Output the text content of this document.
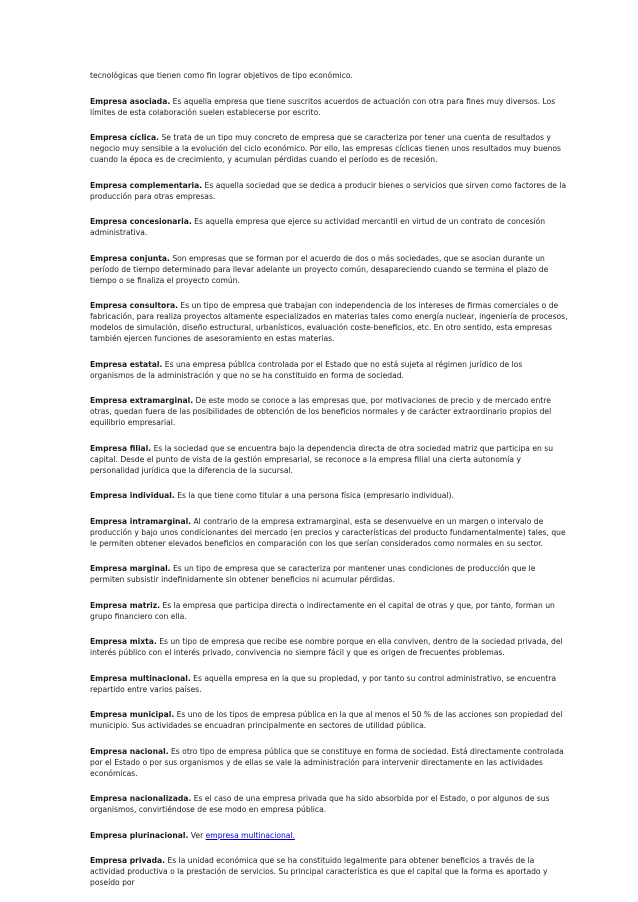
tecnológicas que tienen como fin lograr objetivos de tipo económico.

Empresa asociada. Es aquella empresa que tiene suscritos acuerdos de actuación con otra para fines muy diversos. Los límites de esta colaboración suelen establecerse por escrito.

Empresa cíclica. Se trata de un tipo muy concreto de empresa que se caracteriza por tener una cuenta de resultados y negocio muy sensible a la evolución del ciclo económico. Por ello, las empresas cíclicas tienen unos resultados muy buenos cuando la época es de crecimiento, y acumulan pérdidas cuando el período es de recesión.

Empresa complementaria. Es aquella sociedad que se dedica a producir bienes o servicios que sirven como factores de la producción para otras empresas.

Empresa concesionaria. Es aquella empresa que ejerce su actividad mercantil en virtud de un contrato de concesión administrativa.

Empresa conjunta. Son empresas que se forman por el acuerdo de dos o más sociedades, que se asocian durante un período de tiempo determinado para llevar adelante un proyecto común, desapareciendo cuando se termina el plazo de tiempo o se finaliza el proyecto común.

Empresa consultora. Es un tipo de empresa que trabajan con independencia de los intereses de firmas comerciales o de fabricación, para realiza proyectos altamente especializados en materias tales como energía nuclear, ingeniería de procesos, modelos de simulación, diseño estructural, urbanísticos, evaluación coste-beneficios, etc. En otro sentido, esta empresas también ejercen funciones de asesoramiento en estas materias.

Empresa estatal. Es una empresa pública controlada por el Estado que no está sujeta al régimen jurídico de los organismos de la administración y que no se ha constituido en forma de sociedad.

Empresa extramarginal. De este modo se conoce a las empresas que, por motivaciones de precio y de mercado entre otras, quedan fuera de las posibilidades de obtención de los beneficios normales y de carácter extraordinario propios del equilibrio empresarial.

Empresa filial. Es la sociedad que se encuentra bajo la dependencia directa de otra sociedad matriz que participa en su capital. Desde el punto de vista de la gestión empresarial, se reconoce a la empresa filial una cierta autonomía y personalidad jurídica que la diferencia de la sucursal.

Empresa individual. Es la que tiene como titular a una persona física (empresario individual).

Empresa intramarginal. Al contrario de la empresa extramarginal, esta se desenvuelve en un margen o intervalo de producción y bajo unos condicionantes del mercado (en precios y características del producto fundamentalmente) tales, que le permiten obtener elevados beneficios en comparación con los que serían considerados como normales en su sector.

Empresa marginal. Es un tipo de empresa que se caracteriza por mantener unas condiciones de producción que le permiten subsistir indefinidamente sin obtener beneficios ni acumular pérdidas.

Empresa matriz. Es la empresa que participa directa o indirectamente en el capital de otras y que, por tanto, forman un grupo financiero con ella.

Empresa mixta. Es un tipo de empresa que recibe ese nombre porque en ella conviven, dentro de la sociedad privada, del interés público con el interés privado, convivencia no siempre fácil y que es origen de frecuentes problemas.

Empresa multinacional. Es aquella empresa en la que su propiedad, y por tanto su control administrativo, se encuentra repartido entre varios países.

Empresa municipal. Es uno de los tipos de empresa pública en la que al menos el 50 % de las acciones son propiedad del municipio. Sus actividades se encuadran principalmente en sectores de utilidad pública.

Empresa nacional. Es otro tipo de empresa pública que se constituye en forma de sociedad. Está directamente controlada por el Estado o por sus organismos y de ellas se vale la administración para intervenir directamente en las actividades económicas.

Empresa nacionalizada. Es el caso de una empresa privada que ha sido absorbida por el Estado, o por algunos de sus organismos, convirtiéndose de ese modo en empresa pública.

Empresa plurinacional. Ver empresa multinacional.

Empresa privada. Es la unidad económica que se ha constituido legalmente para obtener beneficios a través de la actividad productiva o la prestación de servicios. Su principal característica es que el capital que la forma es aportado y poseído por
